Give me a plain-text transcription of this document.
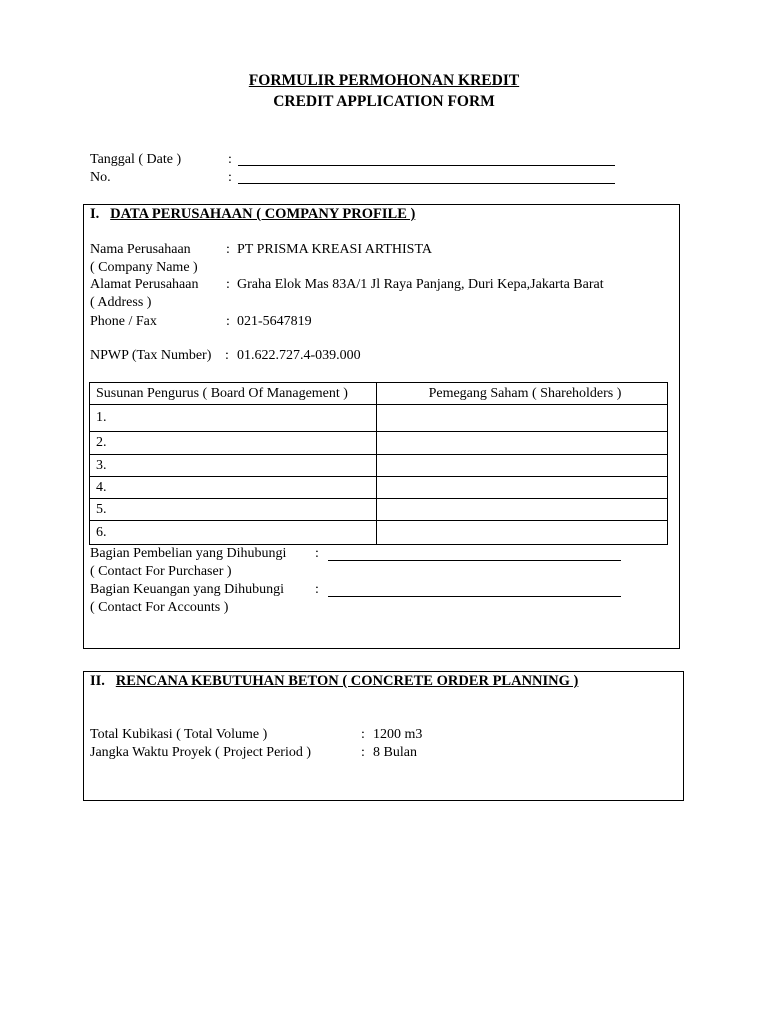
FORMULIR PERMOHONAN KREDIT
CREDIT APPLICATION FORM
Tanggal ( Date )	:
No.	:
I. DATA PERUSAHAAN ( COMPANY PROFILE )
Nama Perusahaan
( Company Name )
: PT PRISMA KREASI ARTHISTA
Alamat Perusahaan
( Address )
: Graha Elok Mas 83A/1 Jl Raya Panjang, Duri Kepa,Jakarta Barat
Phone / Fax	: 021-5647819
NPWP (Tax Number) : 01.622.727.4-039.000
Susunan Pengurus ( Board Of Management )	Pemegang Saham ( Shareholders )
1.	
2.	
3.	
4.	
5.	
6.	
Bagian Pembelian yang Dihubungi
( Contact For Purchaser )
:
Bagian Keuangan yang Dihubungi
( Contact For Accounts )
:
II. RENCANA KEBUTUHAN BETON ( CONCRETE ORDER PLANNING )
Total Kubikasi ( Total Volume )	: 1200 m3
Jangka Waktu Proyek ( Project Period )	: 8 Bulan
